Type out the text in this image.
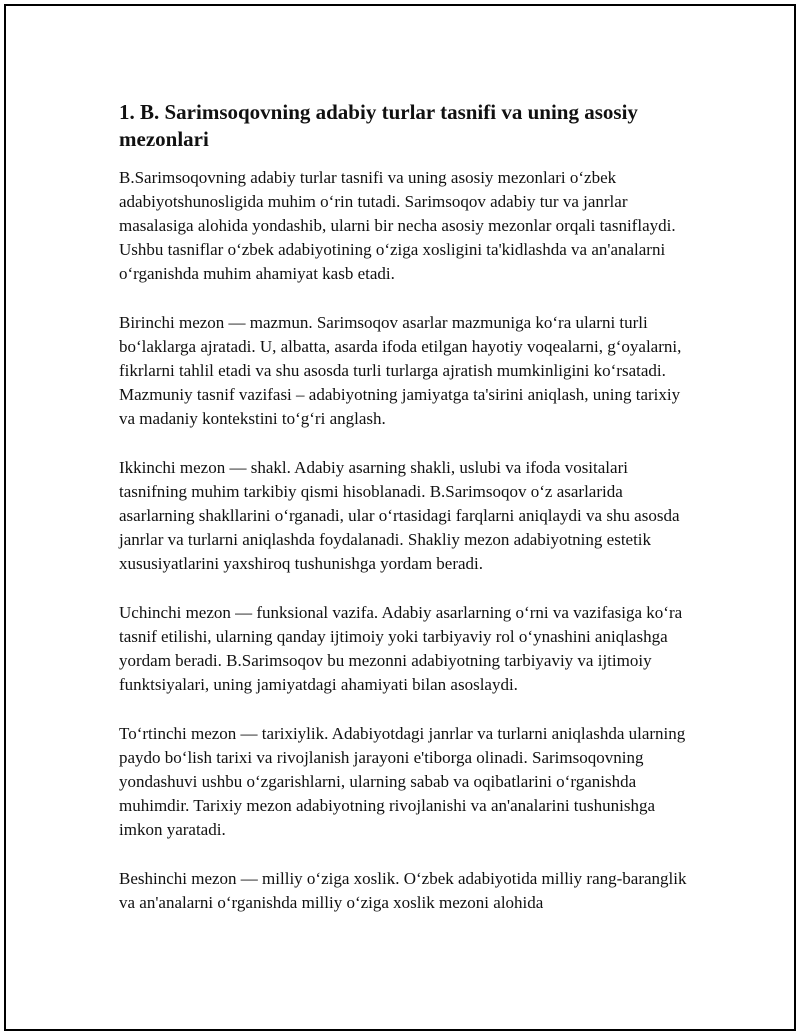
1. B. Sarimsoqovning adabiy turlar tasnifi va uning asosiy mezonlari

B.Sarimsoqovning adabiy turlar tasnifi va uning asosiy mezonlari o‘zbek adabiyotshunosligida muhim o‘rin tutadi. Sarimsoqov adabiy tur va janrlar masalasiga alohida yondashib, ularni bir necha asosiy mezonlar orqali tasniflaydi. Ushbu tasniflar o‘zbek adabiyotining o‘ziga xosligini ta'kidlashda va an'analarni o‘rganishda muhim ahamiyat kasb etadi.

Birinchi mezon — mazmun. Sarimsoqov asarlar mazmuniga ko‘ra ularni turli bo‘laklarga ajratadi. U, albatta, asarda ifoda etilgan hayotiy voqealarni, g‘oyalarni, fikrlarni tahlil etadi va shu asosda turli turlarga ajratish mumkinligini ko‘rsatadi. Mazmuniy tasnif vazifasi – adabiyotning jamiyatga ta'sirini aniqlash, uning tarixiy va madaniy kontekstini to‘g‘ri anglash.

Ikkinchi mezon — shakl. Adabiy asarning shakli, uslubi va ifoda vositalari tasnifning muhim tarkibiy qismi hisoblanadi. B.Sarimsoqov o‘z asarlarida asarlarning shakllarini o‘rganadi, ular o‘rtasidagi farqlarni aniqlaydi va shu asosda janrlar va turlarni aniqlashda foydalanadi. Shakliy mezon adabiyotning estetik xususiyatlarini yaxshiroq tushunishga yordam beradi.

Uchinchi mezon — funksional vazifa. Adabiy asarlarning o‘rni va vazifasiga ko‘ra tasnif etilishi, ularning qanday ijtimoiy yoki tarbiyaviy rol o‘ynashini aniqlashga yordam beradi. B.Sarimsoqov bu mezonni adabiyotning tarbiyaviy va ijtimoiy funktsiyalari, uning jamiyatdagi ahamiyati bilan asoslaydi.

To‘rtinchi mezon — tarixiylik. Adabiyotdagi janrlar va turlarni aniqlashda ularning paydo bo‘lish tarixi va rivojlanish jarayoni e'tiborga olinadi. Sarimsoqovning yondashuvi ushbu o‘zgarishlarni, ularning sabab va oqibatlarini o‘rganishda muhimdir. Tarixiy mezon adabiyotning rivojlanishi va an'analarini tushunishga imkon yaratadi.

Beshinchi mezon — milliy o‘ziga xoslik. O‘zbek adabiyotida milliy rang-baranglik va an'analarni o‘rganishda milliy o‘ziga xoslik mezoni alohida
